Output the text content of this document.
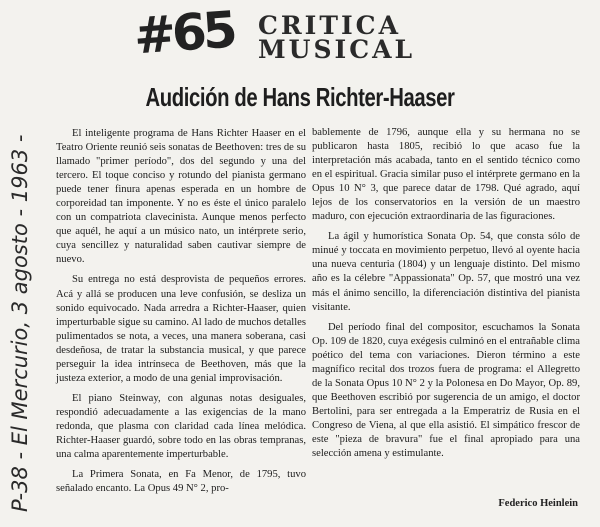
#65 CRITICA
MUSICAL
Audición de Hans Richter-Haaser
P-38 - El Mercurio, 3 agosto - 1963 -

El inteligente programa de Hans Richter Haaser en el Teatro Oriente reunió seis sonatas de Beethoven: tres de su llamado "primer período", dos del segundo y una del tercero. El toque conciso y rotundo del pianista germano puede tener finura apenas esperada en un hombre de corporeidad tan imponente. Y no es éste el único paralelo con un compatriota clavecinista. Aunque menos perfecto que aquél, he aquí a un músico nato, un intérprete serio, cuya sencillez y naturalidad saben cautivar siempre de nuevo.

Su entrega no está desprovista de pequeños errores. Acá y allá se producen una leve confusión, se desliza un sonido equivocado. Nada arredra a Richter-Haaser, quien imperturbable sigue su camino. Al lado de muchos detalles pulimentados se nota, a veces, una manera soberana, casi desdeñosa, de tratar la substancia musical, y que parece perseguir la idea intrínseca de Beethoven, más que la justeza exterior, a modo de una genial improvisación.

El piano Steinway, con algunas notas desiguales, respondió adecuadamente a las exigencias de la mano redonda, que plasma con claridad cada línea melódica. Richter-Haaser guardó, sobre todo en las obras tempranas, una calma aparentemente imperturbable.

La Primera Sonata, en Fa Menor, de 1795, tuvo señalado encanto. La Opus 49 N° 2, pro-

bablemente de 1796, aunque ella y su hermana no se publicaron hasta 1805, recibió lo que acaso fue la interpretación más acabada, tanto en el sentido técnico como en el espiritual. Gracia similar puso el intérprete germano en la Opus 10 N° 3, que parece datar de 1798. Qué agrado, aquí lejos de los conservatorios en la versión de un maestro maduro, con ejecución extraordinaria de las figuraciones.

La ágil y humorística Sonata Op. 54, que consta sólo de minué y toccata en movimiento perpetuo, llevó al oyente hacia una nueva centuria (1804) y un lenguaje distinto. Del mismo año es la célebre "Appassionata" Op. 57, que mostró una vez más el ánimo sencillo, la diferenciación distintiva del pianista visitante.

Del período final del compositor, escuchamos la Sonata Op. 109 de 1820, cuya exégesis culminó en el entrañable clima poético del tema con variaciones. Dieron término a este magnífico recital dos trozos fuera de programa: el Allegretto de la Sonata Opus 10 N° 2 y la Polonesa en Do Mayor, Op. 89, que Beethoven escribió por sugerencia de un amigo, el doctor Bertolini, para ser entregada a la Emperatriz de Rusia en el Congreso de Viena, al que ella asistió. El simpático frescor de este "pieza de bravura" fue el final apropiado para una selección amena y estimulante.

Federico Heinlein
